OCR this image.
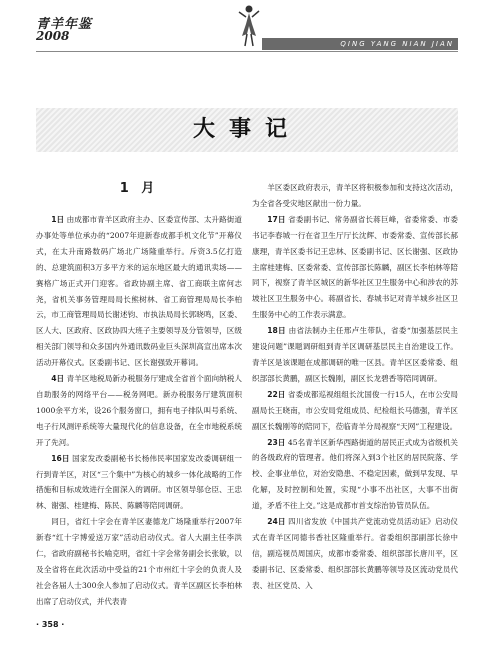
青羊年鉴
2008
QING YANG NIAN JIAN
大事记
1 月

1日 由成都市青羊区政府主办、区委宣传部、太升路街道办事处等单位承办的“2007年迎新春成都手机文化节”开幕仪式，在太升南路数码广场北广场隆重举行。斥资3.5亿打造的、总建筑面积3万多平方米的运东地区最大的通讯卖场——赛格广场正式开门迎客。省政协副主席、省工商联主席何志尧，省机关事务管理局局长熊树林、省工商管理局局长李柏云，市工商管理局局长谢述钧、市执法局局长郭晓鸣，区委、区人大、区政府、区政协四大班子主要领导及分管领导，区级相关部门领导和众多国内外通讯数码业巨头深圳高宣出席本次活动开幕仪式。区委副书记、区长谢强致开幕词。

4日 青羊区地税局新办税服务厅建成全省首个面向纳税人自助服务的网络平台——税务网吧。新办税服务厅建筑面积1000余平方米，设26个服务窗口，拥有电子排队叫号系统、电子行风测评系统等大量现代化的信息设备，在全市地税系统开了先河。

16日 国家发改委副秘书长杨伟民率国家发改委调研组一行到青羊区，对区“三个集中”为核心的城乡一体化战略的工作措施和目标成效进行全面深入的调研。市区领导邬仓臣、王忠林、谢强、桂建梅、陈民、陈麟等陪同调研。

同日，省红十字会在青羊区妻德龙广场隆重举行2007年新春“红十字博爱送万家”活动启动仪式。省人大副主任李洪仁，省政府副秘书长喻克明，省红十字会常务副会长张敏，以及全省将在此次活动中受益的21个市州红十字会的负责人及社会各届人士300余人参加了启动仪式。青羊区副区长李柏林出席了启动仪式，并代表青

羊区委区政府表示，青羊区将积极参加和支持这次活动，为全省各受灾地区献出一份力量。

17日 省委副书记、常务副省长蒋巨峰，省委常委、市委书记李春城一行在省卫生厅厅长沈辉、市委常委、宣传部长郝康理，青羊区委书记王忠林、区委副书记、区长谢强、区政协主席桂建梅、区委常委、宣传部部长陈麟，副区长李柏林等陪同下，视察了青羊区城区的新华社区卫生服务中心和涉农的苏坡社区卫生服务中心。蒋副省长、春城书记对青羊城乡社区卫生服务中心的工作表示满意。

18日 由省法制办主任邢卢生带队，省委“加强基层民主建设问题”课题调研组到青羊区调研基层民主自治建设工作。青羊区是该课题在成都调研的唯一区县。青羊区区委常委、组织部部长黄鹏，副区长魏刚，副区长龙碧香等陪同调研。

22日 省委成都巡视组组长沈国俊一行15人，在市公安局副局长王晓南，市公安局党组成员、纪检组长马德强，青羊区副区长魏刚等的陪同下，莅临青羊分局视察“天网”工程建设。

23日 45名青羊区新华西路街道的居民正式成为省级机关的各级政府的管理者。他们将深入到3个社区的居民院落、学校、企事业单位，对治安隐患、不稳定因素，做到早发现、早化解，及时控制和处置，实现“小事不出社区，大事不出街道，矛盾不往上交。”这是成都市首支综治协管员队伍。

24日 四川省发放《中国共产党流动党员活动证》启动仪式在青羊区同德书香社区隆重举行。省委组织部副部长徐中信，副巡视员周国庆，成都市委常委、组织部部长唐川平，区委副书记、区委常委、组织部部长黄鹏等领导及区流动党员代表、社区党员、入

· 358 ·
